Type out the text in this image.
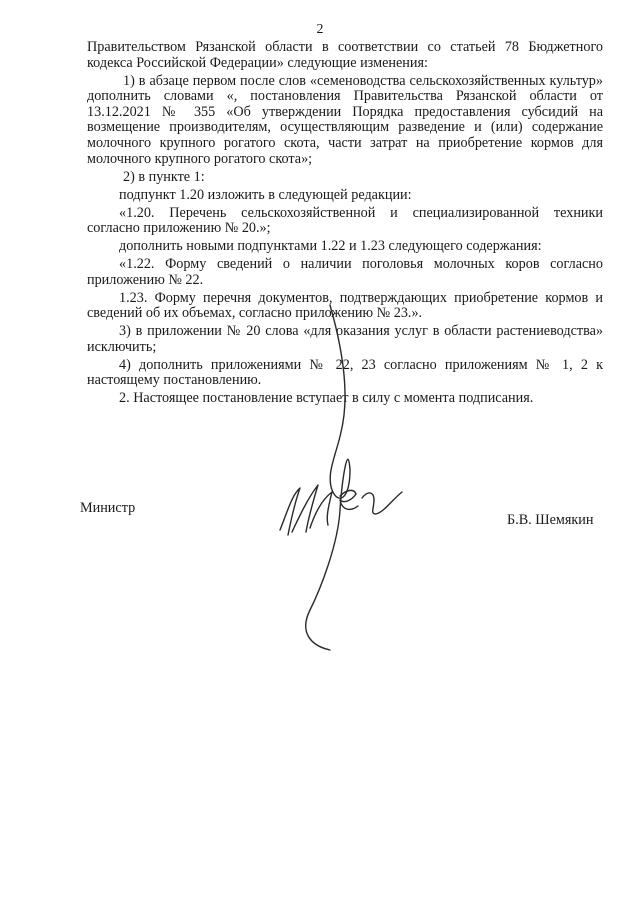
2

Правительством Рязанской области в соответствии со статьей 78 Бюджетного кодекса Российской Федерации» следующие изменения:

1) в абзаце первом после слов «семеноводства сельскохозяйственных культур» дополнить словами «, постановления Правительства Рязанской области от 13.12.2021 № 355 «Об утверждении Порядка предоставления субсидий на возмещение производителям, осуществляющим разведение и (или) содержание молочного крупного рогатого скота, части затрат на приобретение кормов для молочного крупного рогатого скота»;

2) в пункте 1:

подпункт 1.20 изложить в следующей редакции:

«1.20. Перечень сельскохозяйственной и специализированной техники согласно приложению № 20.»;

дополнить новыми подпунктами 1.22 и 1.23 следующего содержания:

«1.22. Форму сведений о наличии поголовья молочных коров согласно приложению № 22.

1.23. Форму перечня документов, подтверждающих приобретение кормов и сведений об их объемах, согласно приложению № 23.».

3) в приложении № 20 слова «для оказания услуг в области растениеводства» исключить;

4) дополнить приложениями № 22, 23 согласно приложениям № 1, 2 к настоящему постановлению.

2. Настоящее постановление вступает в силу с момента подписания.

Министр
Б.В. Шемякин
